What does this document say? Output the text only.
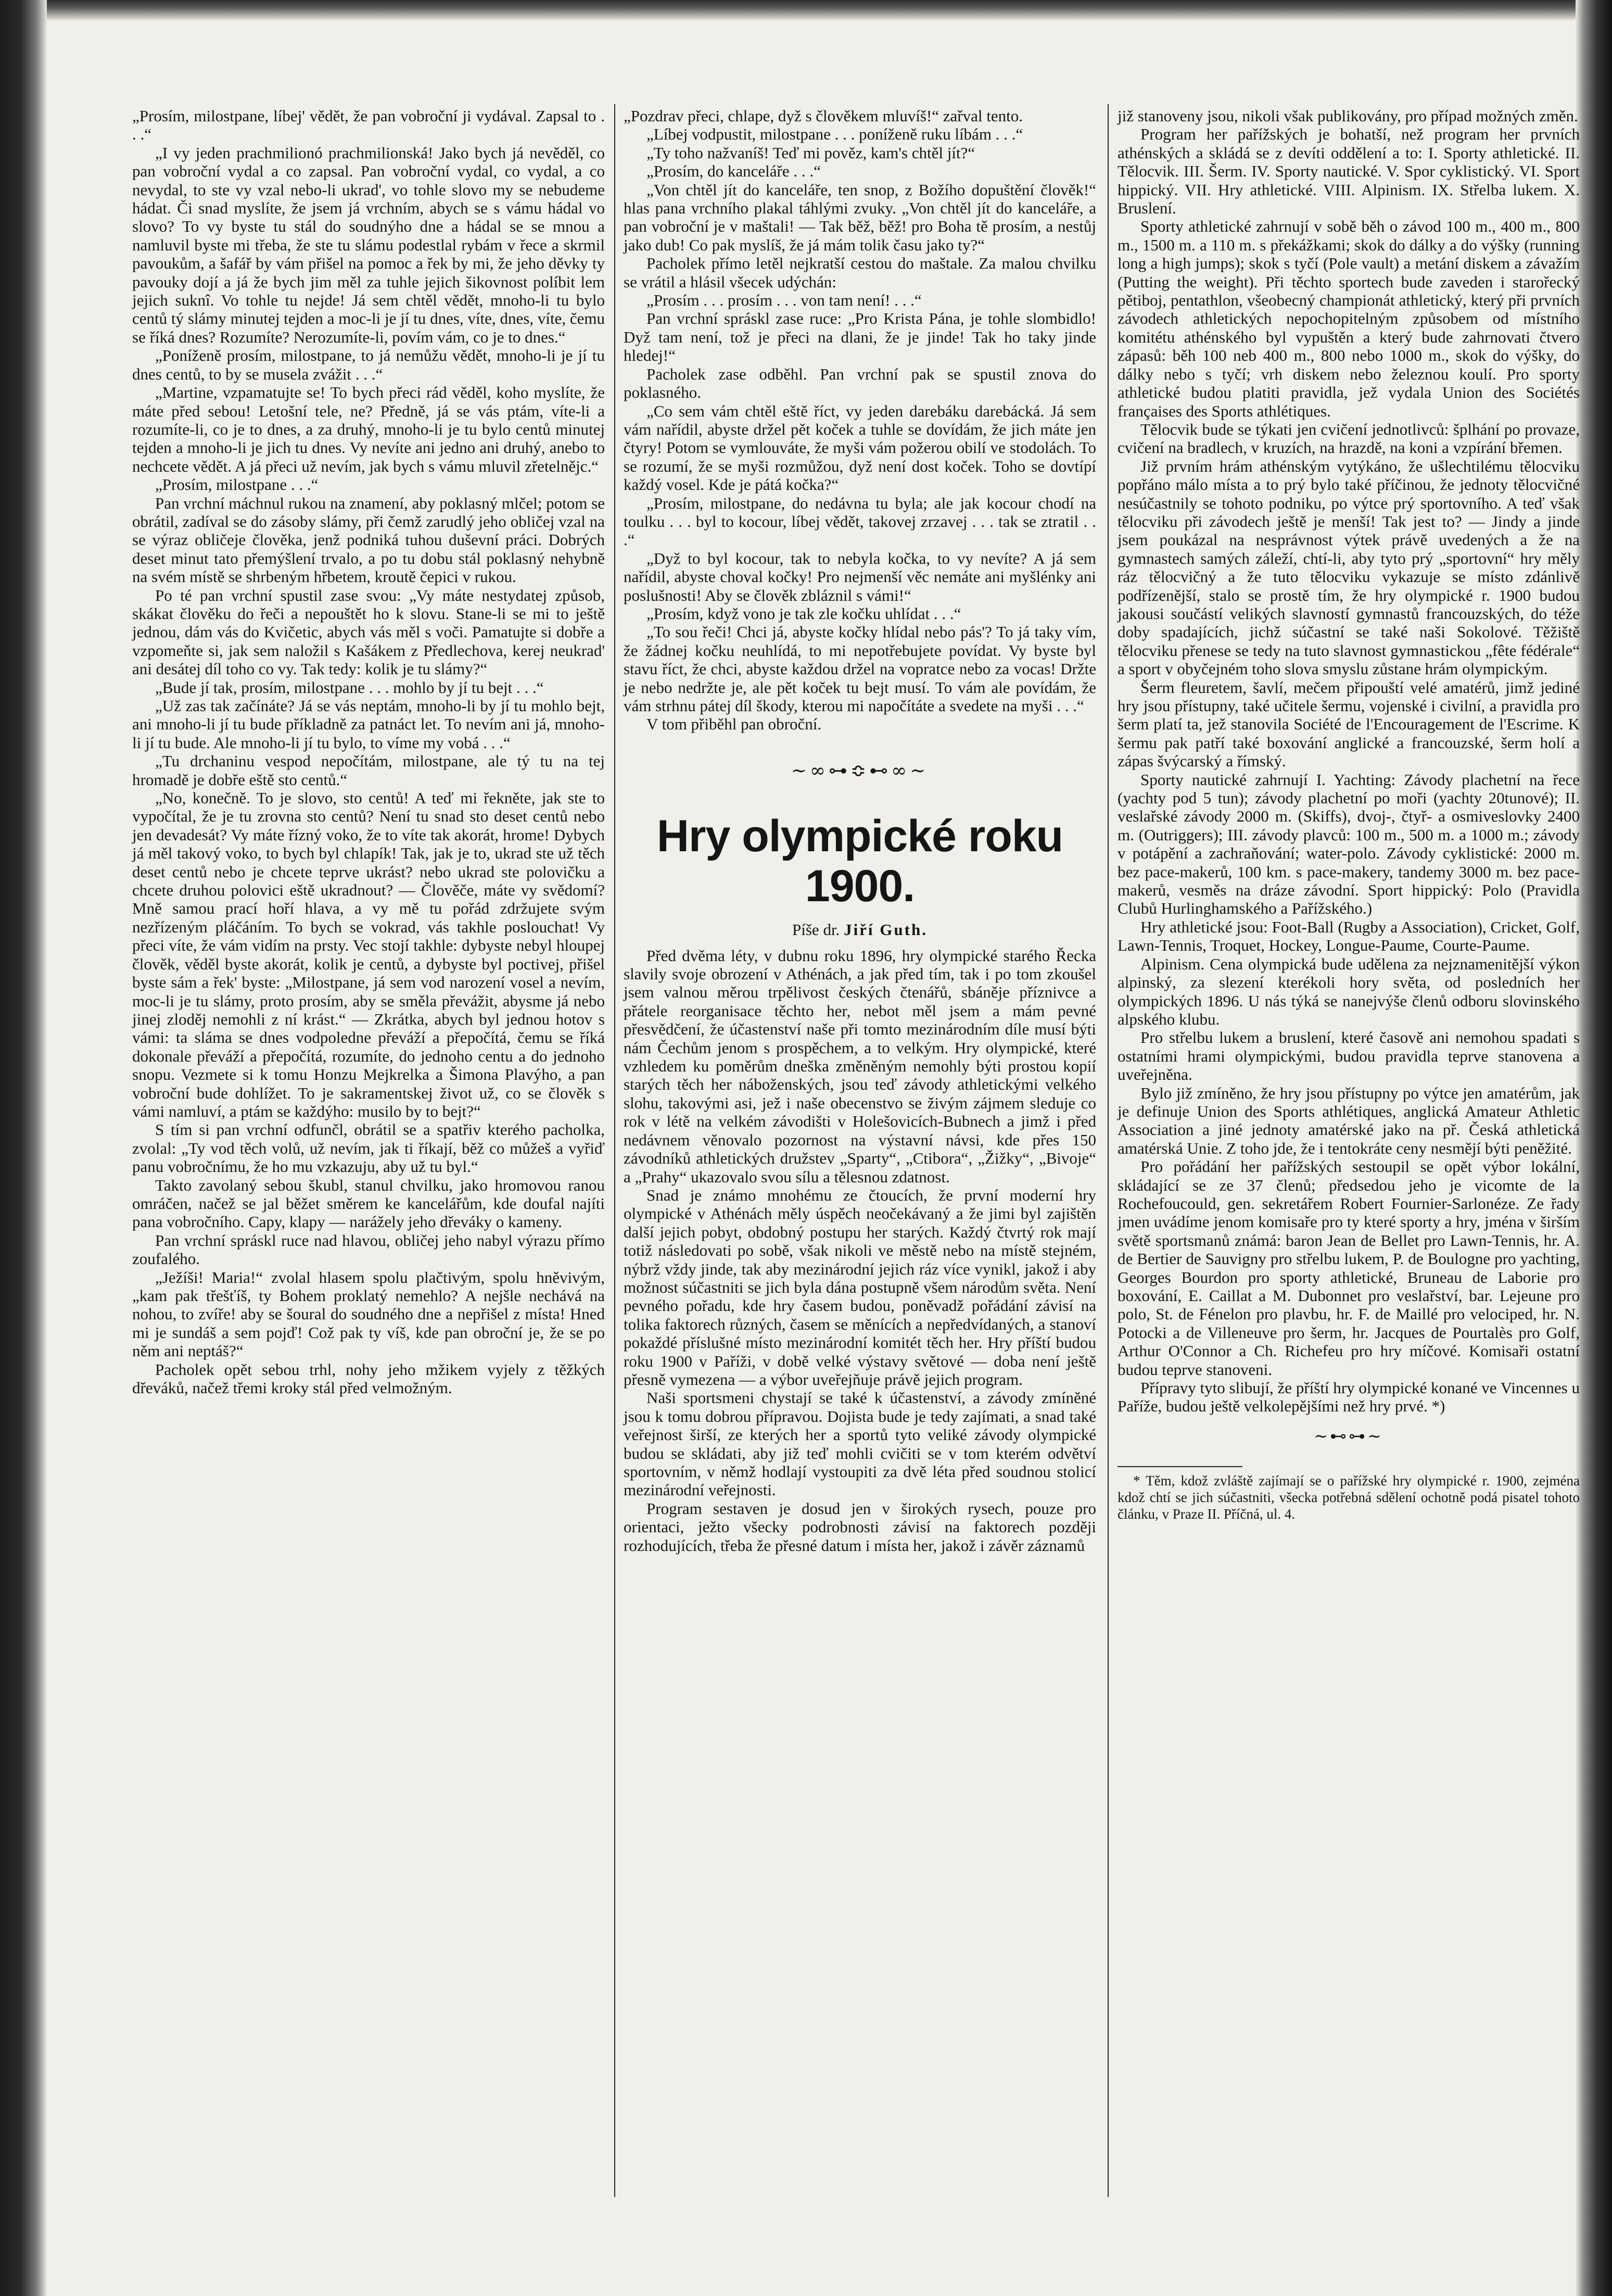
„Prosím, milostpane, líbej' vědět, že pan vobroční ji vydával. Zapsal to . . .“

„I vy jeden prachmilionó prachmilionská! Jako bych já nevěděl, co pan vobroční vydal a co zapsal. Pan vobroční vydal, co vydal, a co nevydal, to ste vy vzal nebo-li ukrad', vo tohle slovo my se nebudeme hádat. Či snad myslíte, že jsem já vrchním, abych se s vámu hádal vo slovo? To vy byste tu stál do soudnýho dne a hádal se se mnou a namluvil byste mi třeba, že ste tu slámu podestlal rybám v řece a skrmil pavoukům, a šafář by vám přišel na pomoc a řek by mi, že jeho děvky ty pavouky dojí a já že bych jim měl za tuhle jejich šikovnost políbit lem jejich suknî. Vo tohle tu nejde! Já sem chtěl vědět, mnoho-li tu bylo centů tý slámy minutej tejden a moc-li je jí tu dnes, víte, dnes, víte, čemu se říká dnes? Rozumíte? Nerozumíte-li, povím vám, co je to dnes.“

„Poníženě prosím, milostpane, to já nemůžu vědět, mnoho-li je jí tu dnes centů, to by se musela zvážit . . .“

„Martine, vzpamatujte se! To bych přeci rád věděl, koho myslíte, že máte před sebou! Letošní tele, ne? Předně, já se vás ptám, víte-li a rozumíte-li, co je to dnes, a za druhý, mnoho-li je tu bylo centů minutej tejden a mnoho-li je jich tu dnes. Vy nevíte ani jedno ani druhý, anebo to nechcete vědět. A já přeci už nevím, jak bych s vámu mluvil zřetelnějc.“

„Prosím, milostpane . . .“

Pan vrchní máchnul rukou na znamení, aby poklasný mlčel; potom se obrátil, zadíval se do zásoby slámy, při čemž zarudlý jeho obličej vzal na se výraz obličeje člověka, jenž podniká tuhou duševní práci. Dobrých deset minut tato přemýšlení trvalo, a po tu dobu stál poklasný nehybně na svém místě se shrbeným hřbetem, kroutě čepici v rukou.

Po té pan vrchní spustil zase svou: „Vy máte nestydatej způsob, skákat člověku do řeči a nepouštět ho k slovu. Stane-li se mi to ještě jednou, dám vás do Kvičetic, abych vás měl s voči. Pamatujte si dobře a vzpomeňte si, jak sem naložil s Kašákem z Předlechova, kerej neukrad' ani desátej díl toho co vy. Tak tedy: kolik je tu slámy?“

„Bude jí tak, prosím, milostpane . . . mohlo by jí tu bejt . . .“

„Už zas tak začínáte? Já se vás neptám, mnoho-li by jí tu mohlo bejt, ani mnoho-li jí tu bude příkladně za patnáct let. To nevím ani já, mnoho-li jí tu bude. Ale mnoho-li jí tu bylo, to víme my vobá . . .“

„Tu drchaninu vespod nepočítám, milostpane, ale tý tu na tej hromadě je dobře eště sto centů.“

„No, konečně. To je slovo, sto centů! A teď mi řekněte, jak ste to vypočítal, že je tu zrovna sto centů? Není tu snad sto deset centů nebo jen devadesát? Vy máte řízný voko, že to víte tak akorát, hrome! Dybych já měl takový voko, to bych byl chlapík! Tak, jak je to, ukrad ste už těch deset centů nebo je chcete teprve ukrást? nebo ukrad ste polovičku a chcete druhou polovici eště ukradnout? — Člověče, máte vy svědomí? Mně samou prací hoří hlava, a vy mě tu pořád zdržujete svým nezřízeným pláčáním. To bych se vokrad, vás takhle poslouchat! Vy přeci víte, že vám vidím na prsty. Vec stojí takhle: dybyste nebyl hloupej člověk, věděl byste akorát, kolik je centů, a dybyste byl poctivej, přišel byste sám a řek' byste: „Milostpane, já sem vod narození vosel a nevím, moc-li je tu slámy, proto prosím, aby se směla převážit, abysme já nebo jinej zloděj nemohli z ní krást.“ — Zkrátka, abych byl jednou hotov s vámi: ta sláma se dnes vodpoledne převáží a přepočítá, čemu se říká dokonale převáží a přepočítá, rozumíte, do jednoho centu a do jednoho snopu. Vezmete si k tomu Honzu Mejkrelka a Šimona Plavýho, a pan vobroční bude dohlížet. To je sakramentskej život už, co se člověk s vámi namluví, a ptám se každýho: musilo by to bejt?“

S tím si pan vrchní odfunčl, obrátil se a spatřiv kterého pacholka, zvolal: „Ty vod těch volů, už nevím, jak ti říkají, běž co můžeš a vyřiď panu vobročnímu, že ho mu vzkazuju, aby už tu byl.“

Takto zavolaný sebou škubl, stanul chvilku, jako hromovou ranou omráčen, načež se jal běžet směrem ke kancelářům, kde doufal najíti pana vobročního. Capy, klapy — narážely jeho dřeváky o kameny.

Pan vrchní spráskl ruce nad hlavou, obličej jeho nabyl výrazu přímo zoufalého.

„Ježíši! Maria!“ zvolal hlasem spolu plačtivým, spolu hněvivým, „kam pak třešťíš, ty Bohem proklatý nemehlo? A nejšle nechává na nohou, to zvíře! aby se šoural do soudného dne a nepřišel z místa! Hned mi je sundáš a sem pojď! Což pak ty víš, kde pan obroční je, že se po něm ani neptáš?“

Pacholek opět sebou trhl, nohy jeho mžikem vyjely z těžkých dřeváků, načež třemi kroky stál před velmožným.

„Pozdrav přeci, chlape, dyž s člověkem mluvíš!“ zařval tento.

„Líbej vodpustit, milostpane . . . poníženě ruku líbám . . .“

„Ty toho nažvaníš! Teď mi pověz, kam's chtěl jít?“

„Prosím, do kanceláře . . .“

„Von chtěl jít do kanceláře, ten snop, z Božího dopuštění člověk!“ hlas pana vrchního plakal táhlými zvuky. „Von chtěl jít do kanceláře, a pan vobroční je v maštali! — Tak běž, běž! pro Boha tě prosím, a nestůj jako dub! Co pak myslíš, že já mám tolik času jako ty?“

Pacholek přímo letěl nejkratší cestou do maštale. Za malou chvilku se vrátil a hlásil všecek udýchán:

„Prosím . . . prosím . . . von tam není! . . .“

Pan vrchní spráskl zase ruce: „Pro Krista Pána, je tohle slombidlo! Dyž tam není, tož je přeci na dlani, že je jinde! Tak ho taky jinde hledej!“

Pacholek zase odběhl. Pan vrchní pak se spustil znova do poklasného.

„Co sem vám chtěl eště říct, vy jeden darebáku darebácká. Já sem vám nařídil, abyste držel pět koček a tuhle se dovídám, že jich máte jen čtyry! Potom se vymlouváte, že myši vám požerou obilí ve stodolách. To se rozumí, že se myši rozmůžou, dyž není dost koček. Toho se dovtípí každý vosel. Kde je pátá kočka?“

„Prosím, milostpane, do nedávna tu byla; ale jak kocour chodí na toulku . . . byl to kocour, líbej vědět, takovej zrzavej . . . tak se ztratil . . .“

„Dyž to byl kocour, tak to nebyla kočka, to vy nevíte? A já sem nařídil, abyste choval kočky! Pro nejmenší věc nemáte ani myšlénky ani poslušnosti! Aby se člověk zbláznil s vámi!“

„Prosím, když vono je tak zle kočku uhlídat . . .“

„To sou řeči! Chci já, abyste kočky hlídal nebo pás'? To já taky vím, že žádnej kočku neuhlídá, to mi nepotřebujete povídat. Vy byste byl stavu říct, že chci, abyste každou držel na vopratce nebo za vocas! Držte je nebo nedržte je, ale pět koček tu bejt musí. To vám ale povídám, že vám strhnu pátej díl škody, kterou mi napočítáte a svedete na myši . . .“

V tom přiběhl pan obroční.

∼∞⊶≎⊷∞∼
Hry olympické roku 1900.
Píše dr. Jiří Guth.

Před dvěma léty, v dubnu roku 1896, hry olympické starého Řecka slavily svoje obrození v Athénách, a jak před tím, tak i po tom zkoušel jsem valnou měrou trpělivost českých čtenářů, sbáněje příznivce a přátele reorganisace těchto her, nebot měl jsem a mám pevné přesvědčení, že účastenství naše při tomto mezinárodním díle musí býti nám Čechům jenom s prospěchem, a to velkým. Hry olympické, které vzhledem ku poměrům dneška změněným nemohly býti prostou kopií starých těch her náboženských, jsou teď závody athletickými velkého slohu, takovými asi, jež i naše obecenstvo se živým zájmem sleduje co rok v létě na velkém závodišti v Holešovicích-Bubnech a jimž i před nedávnem věnovalo pozornost na výstavní návsi, kde přes 150 závodníků athletických družstev „Sparty“, „Ctibora“, „Žižky“, „Bivoje“ a „Prahy“ ukazovalo svou sílu a tělesnou zdatnost.

Snad je známo mnohému ze čtoucích, že první moderní hry olympické v Athénách měly úspěch neočekávaný a že jimi byl zajištěn další jejich pobyt, obdobný postupu her starých. Každý čtvrtý rok mají totiž následovati po sobě, však nikoli ve městě nebo na místě stejném, nýbrž vždy jinde, tak aby mezinárodní jejich ráz více vynikl, jakož i aby možnost súčastniti se jich byla dána postupně všem národům světa. Není pevného pořadu, kde hry časem budou, poněvadž pořádání závisí na tolika faktorech různých, časem se měnících a nepředvídaných, a stanoví pokaždé příslušné místo mezinárodní komitét těch her. Hry příští budou roku 1900 v Paříži, v době velké výstavy světové — doba není ještě přesně vymezena — a výbor uveřejňuje právě jejich program.

Naši sportsmeni chystají se také k účastenství, a závody zmíněné jsou k tomu dobrou přípravou. Dojista bude je tedy zajímati, a snad také veřejnost širší, ze kterých her a sportů tyto veliké závody olympické budou se skládati, aby již teď mohli cvičiti se v tom kterém odvětví sportovním, v němž hodlají vystoupiti za dvě léta před soudnou stolicí mezinárodní veřejnosti.

Program sestaven je dosud jen v širokých rysech, pouze pro orientaci, ježto všecky podrobnosti závisí na faktorech později rozhodujících, třeba že přesné datum i místa her, jakož i závěr záznamů

již stanoveny jsou, nikoli však publikovány, pro případ možných změn.

Program her pařížských je bohatší, než program her prvních athénských a skládá se z devíti oddělení a to: I. Sporty athletické. II. Tělocvik. III. Šerm. IV. Sporty nautické. V. Spor cyklistický. VI. Sport hippický. VII. Hry athletické. VIII. Alpinism. IX. Střelba lukem. X. Bruslení.

Sporty athletické zahrnují v sobě běh o závod 100 m., 400 m., 800 m., 1500 m. a 110 m. s překážkami; skok do dálky a do výšky (running long a high jumps); skok s tyčí (Pole vault) a metání diskem a závažím (Putting the weight). Při těchto sportech bude zaveden i starořecký pětiboj, pentathlon, všeobecný championát athletický, který při prvních závodech athletických nepochopitelným způsobem od místního komitétu athénského byl vypuštěn a který bude zahrnovati čtvero zápasů: běh 100 neb 400 m., 800 nebo 1000 m., skok do výšky, do dálky nebo s tyčí; vrh diskem nebo železnou koulí. Pro sporty athletické budou platiti pravidla, jež vydala Union des Sociétés françaises des Sports athlétiques.

Tělocvik bude se týkati jen cvičení jednotlivců: šplhání po provaze, cvičení na bradlech, v kruzích, na hrazdě, na koni a vzpírání břemen.

Již prvním hrám athénským vytýkáno, že ušlechtilému tělocviku popřáno málo místa a to prý bylo také příčinou, že jednoty tělocvičné nesúčastnily se tohoto podniku, po výtce prý sportovního. A teď však tělocviku při závodech ještě je menší! Tak jest to? — Jindy a jinde jsem poukázal na nesprávnost výtek právě uvedených a že na gymnastech samých záleží, chtí-li, aby tyto prý „sportovní“ hry měly ráz tělocvičný a že tuto tělocviku vykazuje se místo zdánlivě podřízenější, stalo se prostě tím, že hry olympické r. 1900 budou jakousi součástí velikých slavností gymnastů francouzských, do téže doby spadajících, jichž súčastní se také naši Sokolové. Těžiště tělocviku přenese se tedy na tuto slavnost gymnastickou „fête fédérale“ a sport v obyčejném toho slova smyslu zůstane hrám olympickým.

Šerm fleuretem, šavlí, mečem připouští velé amatérů, jimž jediné hry jsou přístupny, také učitele šermu, vojenské i civilní, a pravidla pro šerm platí ta, jež stanovila Société de l'Encouragement de l'Escrime. K šermu pak patří také boxování anglické a francouzské, šerm holí a zápas švýcarský a římský.

Sporty nautické zahrnují I. Yachting: Závody plachetní na řece (yachty pod 5 tun); závody plachetní po moři (yachty 20tunové); II. veslařské závody 2000 m. (Skiffs), dvoj-, čtyř- a osmiveslovky 2400 m. (Outriggers); III. závody plavců: 100 m., 500 m. a 1000 m.; závody v potápění a zachraňování; water-polo. Závody cyklistické: 2000 m. bez pace-makerů, 100 km. s pace-makery, tandemy 3000 m. bez pace-makerů, vesměs na dráze závodní. Sport hippický: Polo (Pravidla Clubů Hurlinghamského a Pařížského.)

Hry athletické jsou: Foot-Ball (Rugby a Association), Cricket, Golf, Lawn-Tennis, Troquet, Hockey, Longue-Paume, Courte-Paume.

Alpinism. Cena olympická bude udělena za nejznamenitější výkon alpinský, za slezení kterékoli hory světa, od posledních her olympických 1896. U nás týká se nanejvýše členů odboru slovinského alpského klubu.

Pro střelbu lukem a bruslení, které časově ani nemohou spadati s ostatními hrami olympickými, budou pravidla teprve stanovena a uveřejněna.

Bylo již zmíněno, že hry jsou přístupny po výtce jen amatérům, jak je definuje Union des Sports athlétiques, anglická Amateur Athletic Association a jiné jednoty amatérské jako na př. Česká athletická amatérská Unie. Z toho jde, že i tentokráte ceny nesmějí býti peněžité.

Pro pořádání her pařížských sestoupil se opět výbor lokální, skládající se ze 37 členů; předsedou jeho je vicomte de la Rochefoucould, gen. sekretářem Robert Fournier-Sarlonéze. Ze řady jmen uvádíme jenom komisaře pro ty které sporty a hry, jména v širším světě sportsmanů známá: baron Jean de Bellet pro Lawn-Tennis, hr. A. de Bertier de Sauvigny pro střelbu lukem, P. de Boulogne pro yachting, Georges Bourdon pro sporty athletické, Bruneau de Laborie pro boxování, E. Caillat a M. Dubonnet pro veslařství, bar. Lejeune pro polo, St. de Fénelon pro plavbu, hr. F. de Maillé pro velociped, hr. N. Potocki a de Villeneuve pro šerm, hr. Jacques de Pourtalès pro Golf, Arthur O'Connor a Ch. Richefeu pro hry míčové. Komisaři ostatní budou teprve stanoveni.

Přípravy tyto slibují, že příští hry olympické konané ve Vincennes u Paříže, budou ještě velkolepějšími než hry prvé. *)

∼⊷⊶∼

* Těm, kdož zvláště zajímají se o pařížské hry olympické r. 1900, zejména kdož chtí se jich súčastniti, všecka potřebná sdělení ochotně podá pisatel tohoto článku, v Praze II. Příčná, ul. 4.
